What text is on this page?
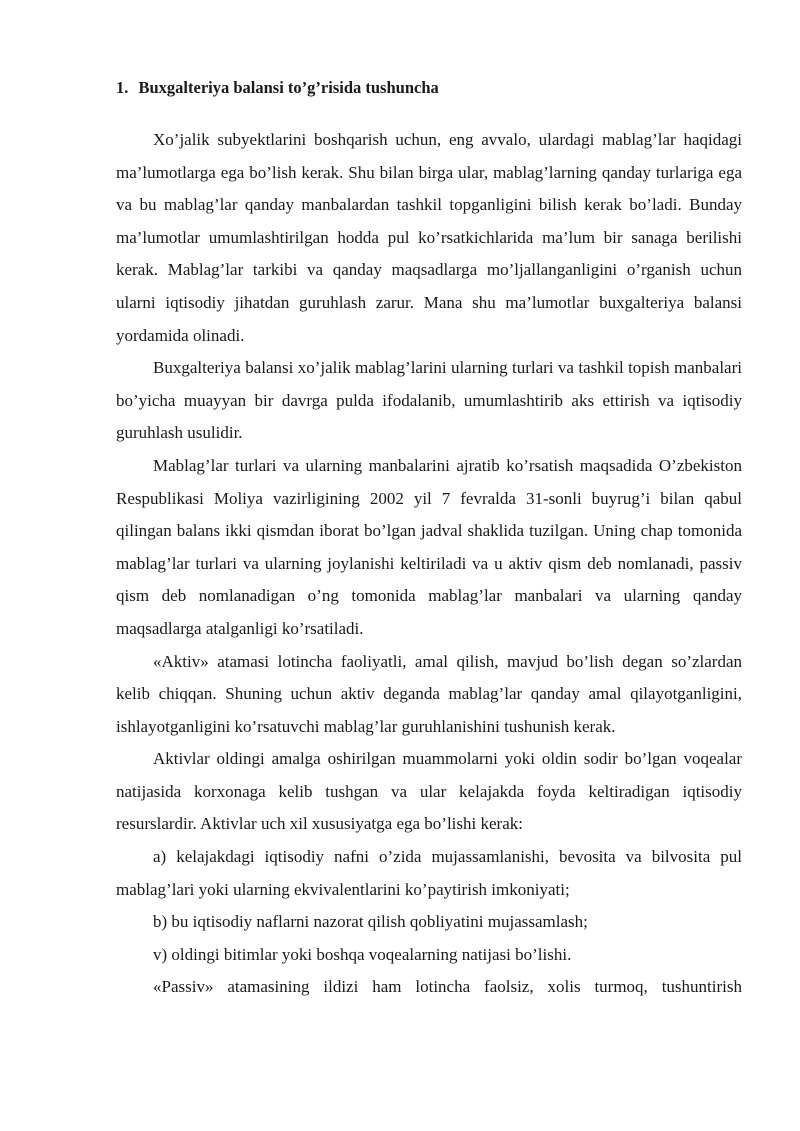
1. Buxgalteriya balansi to’g’risida tushuncha

Xo’jalik subyektlarini boshqarish uchun, eng avvalo, ulardagi mablag’lar haqidagi ma’lumotlarga ega bo’lish kerak. Shu bilan birga ular, mablag’larning qanday turlariga ega va bu mablag’lar qanday manbalardan tashkil topganligini bilish kerak bo’ladi. Bunday ma’lumotlar umumlashtirilgan hodda pul ko’rsatkichlarida ma’lum bir sanaga berilishi kerak. Mablag’lar tarkibi va qanday maqsadlarga mo’ljallanganligini o’rganish uchun ularni iqtisodiy jihatdan guruhlash zarur. Mana shu ma’lumotlar buxgalteriya balansi yordamida olinadi.

Buxgalteriya balansi xo’jalik mablag’larini ularning turlari va tashkil topish manbalari bo’yicha muayyan bir davrga pulda ifodalanib, umumlashtirib aks ettirish va iqtisodiy guruhlash usulidir.

Mablag’lar turlari va ularning manbalarini ajratib ko’rsatish maqsadida O’zbekiston Respublikasi Moliya vazirligining 2002 yil 7 fevralda 31-sonli buyrug’i bilan qabul qilingan balans ikki qismdan iborat bo’lgan jadval shaklida tuzilgan. Uning chap tomonida mablag’lar turlari va ularning joylanishi keltiriladi va u aktiv qism deb nomlanadi, passiv qism deb nomlanadigan o’ng tomonida mablag’lar manbalari va ularning qanday maqsadlarga atalganligi ko’rsatiladi.

«Aktiv» atamasi lotincha faoliyatli, amal qilish, mavjud bo’lish degan so’zlardan kelib chiqqan. Shuning uchun aktiv deganda mablag’lar qanday amal qilayotganligini, ishlayotganligini ko’rsatuvchi mablag’lar guruhlanishini tushunish kerak.

Aktivlar oldingi amalga oshirilgan muammolarni yoki oldin sodir bo’lgan voqealar natijasida korxonaga kelib tushgan va ular kelajakda foyda keltiradigan iqtisodiy resurslardir. Aktivlar uch xil xususiyatga ega bo’lishi kerak:

a) kelajakdagi iqtisodiy nafni o’zida mujassamlanishi, bevosita va bilvosita pul mablag’lari yoki ularning ekvivalentlarini ko’paytirish imkoniyati;

b) bu iqtisodiy naflarni nazorat qilish qobliyatini mujassamlash;

v) oldingi bitimlar yoki boshqa voqealarning natijasi bo’lishi.

«Passiv» atamasining ildizi ham lotincha faolsiz, xolis turmoq, tushuntirish
